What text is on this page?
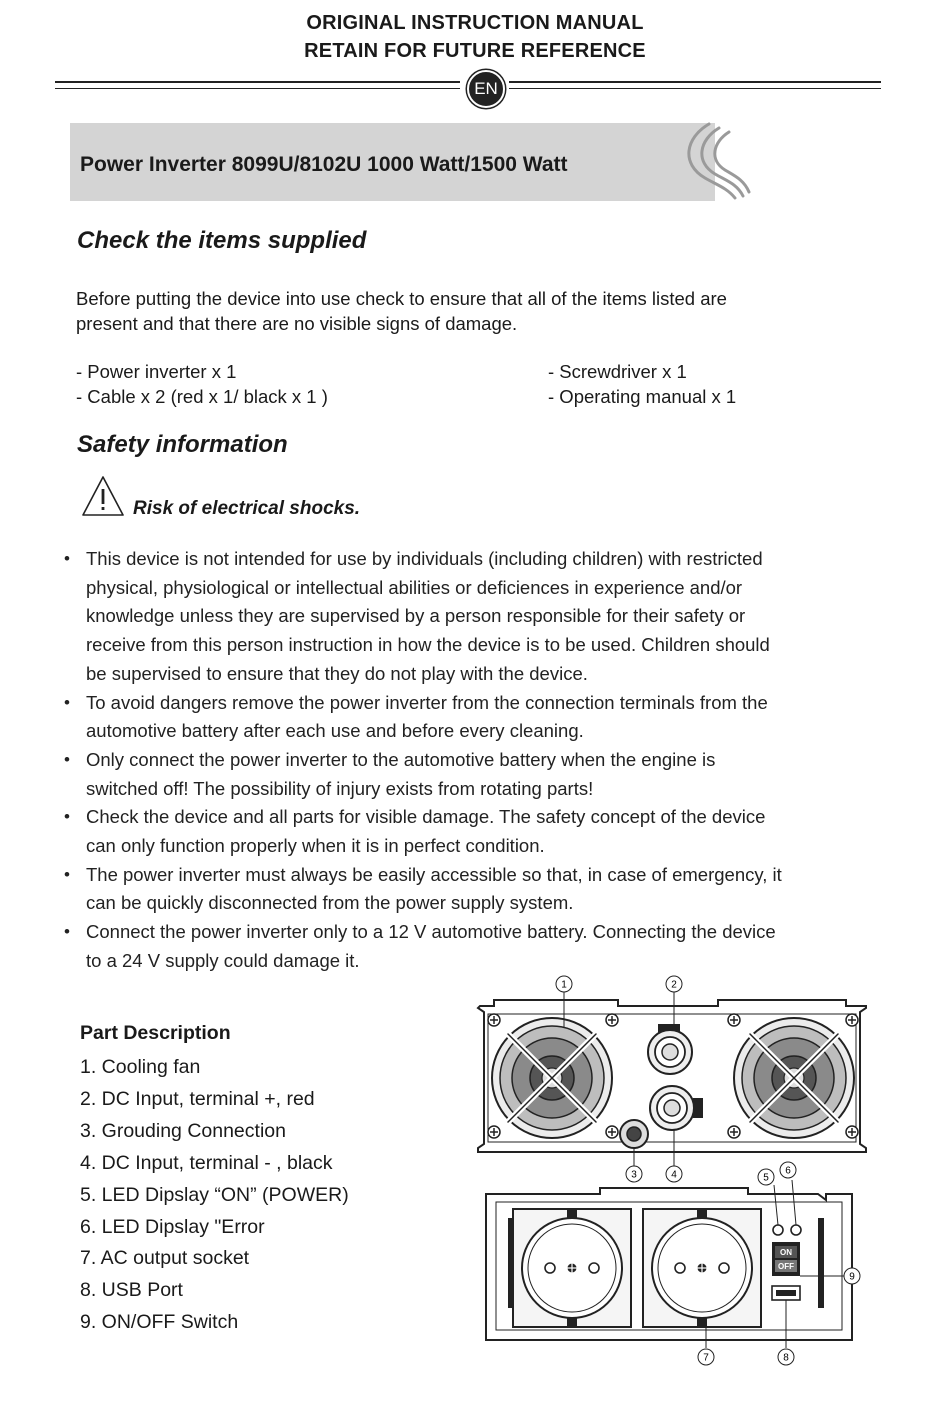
ORIGINAL INSTRUCTION MANUAL
RETAIN FOR FUTURE REFERENCE
EN
Power Inverter 8099U/8102U 1000 Watt/1500 Watt
Check the items supplied
Before putting the device into use check to ensure that all of the items listed are
present and that there are no visible signs of damage.
- Power inverter x 1
- Cable x 2 (red x 1/ black x 1 )
- Screwdriver x 1
- Operating manual x 1
Safety information
Risk of electrical shocks.
• This device is not intended for use by individuals (including children) with restricted
physical, physiological or intellectual abilities or deficiences in experience and/or
knowledge unless they are supervised by a person responsible for their safety or
receive from this person instruction in how the device is to be used. Children should
be supervised to ensure that they do not play with the device.
• To avoid dangers remove the power inverter from the connection terminals from the
automotive battery after each use and before every cleaning.
• Only connect the power inverter to the automotive battery when the engine is
switched off! The possibility of injury exists from rotating parts!
• Check the device and all parts for visible damage. The safety concept of the device
can only function properly when it is in perfect condition.
• The power inverter must always be easily accessible so that, in case of emergency, it
can be quickly disconnected from the power supply system.
• Connect the power inverter only to a 12 V automotive battery. Connecting the device
to a 24 V supply could damage it.
Part Description
1. Cooling fan
2. DC Input, terminal +, red
3. Grouding Connection
4. DC Input, terminal - , black
5. LED Dipslay “ON” (POWER)
6. LED Dipslay "Error
7. AC output socket
8. USB Port
9. ON/OFF Switch
ON
OFF
1	2
3	4	5
6
7	8
9
